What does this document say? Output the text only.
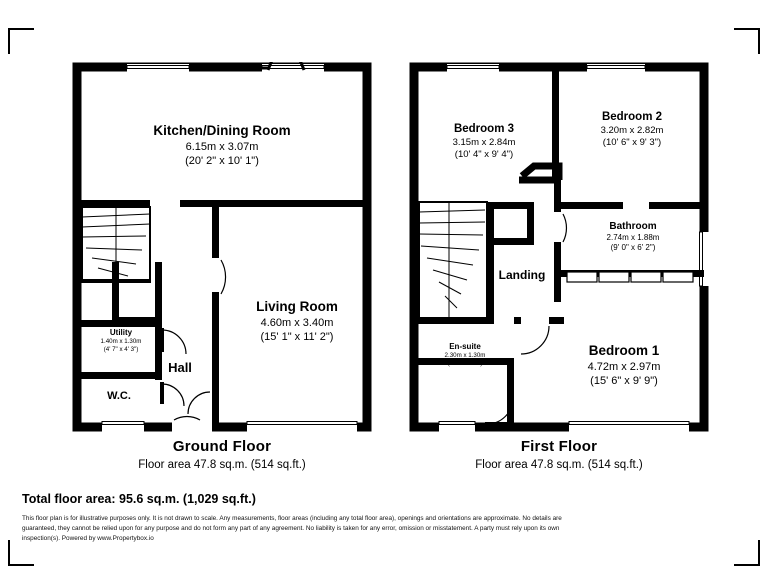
Kitchen/Dining Room
6.15m x 3.07m
(20' 2" x 10' 1")
Living Room
4.60m x 3.40m
(15' 1" x 11' 2")
Utility
1.40m x 1.30m
(4' 7" x 4' 3")
Hall
W.C.
Ground Floor
Floor area 47.8 sq.m. (514 sq.ft.)
Bedroom 3
3.15m x 2.84m
(10' 4" x 9' 4")
Bedroom 2
3.20m x 2.82m
(10' 6" x 9' 3")
Bathroom
2.74m x 1.88m
(9' 0" x 6' 2")
Landing
En-suite
2.30m x 1.30m
(7' 7" x 4' 3")
Bedroom 1
4.72m x 2.97m
(15' 6" x 9' 9")
First Floor
Floor area 47.8 sq.m. (514 sq.ft.)
Total floor area: 95.6 sq.m. (1,029 sq.ft.)
This floor plan is for illustrative purposes only. It is not drawn to scale. Any measurements, floor areas (including any total floor area), openings and orientations are approximate. No details are guaranteed, they cannot be relied upon for any purpose and do not form any part of any agreement. No liability is taken for any error, omission or misstatement. A party must rely upon its own inspection(s). Powered by www.Propertybox.io
